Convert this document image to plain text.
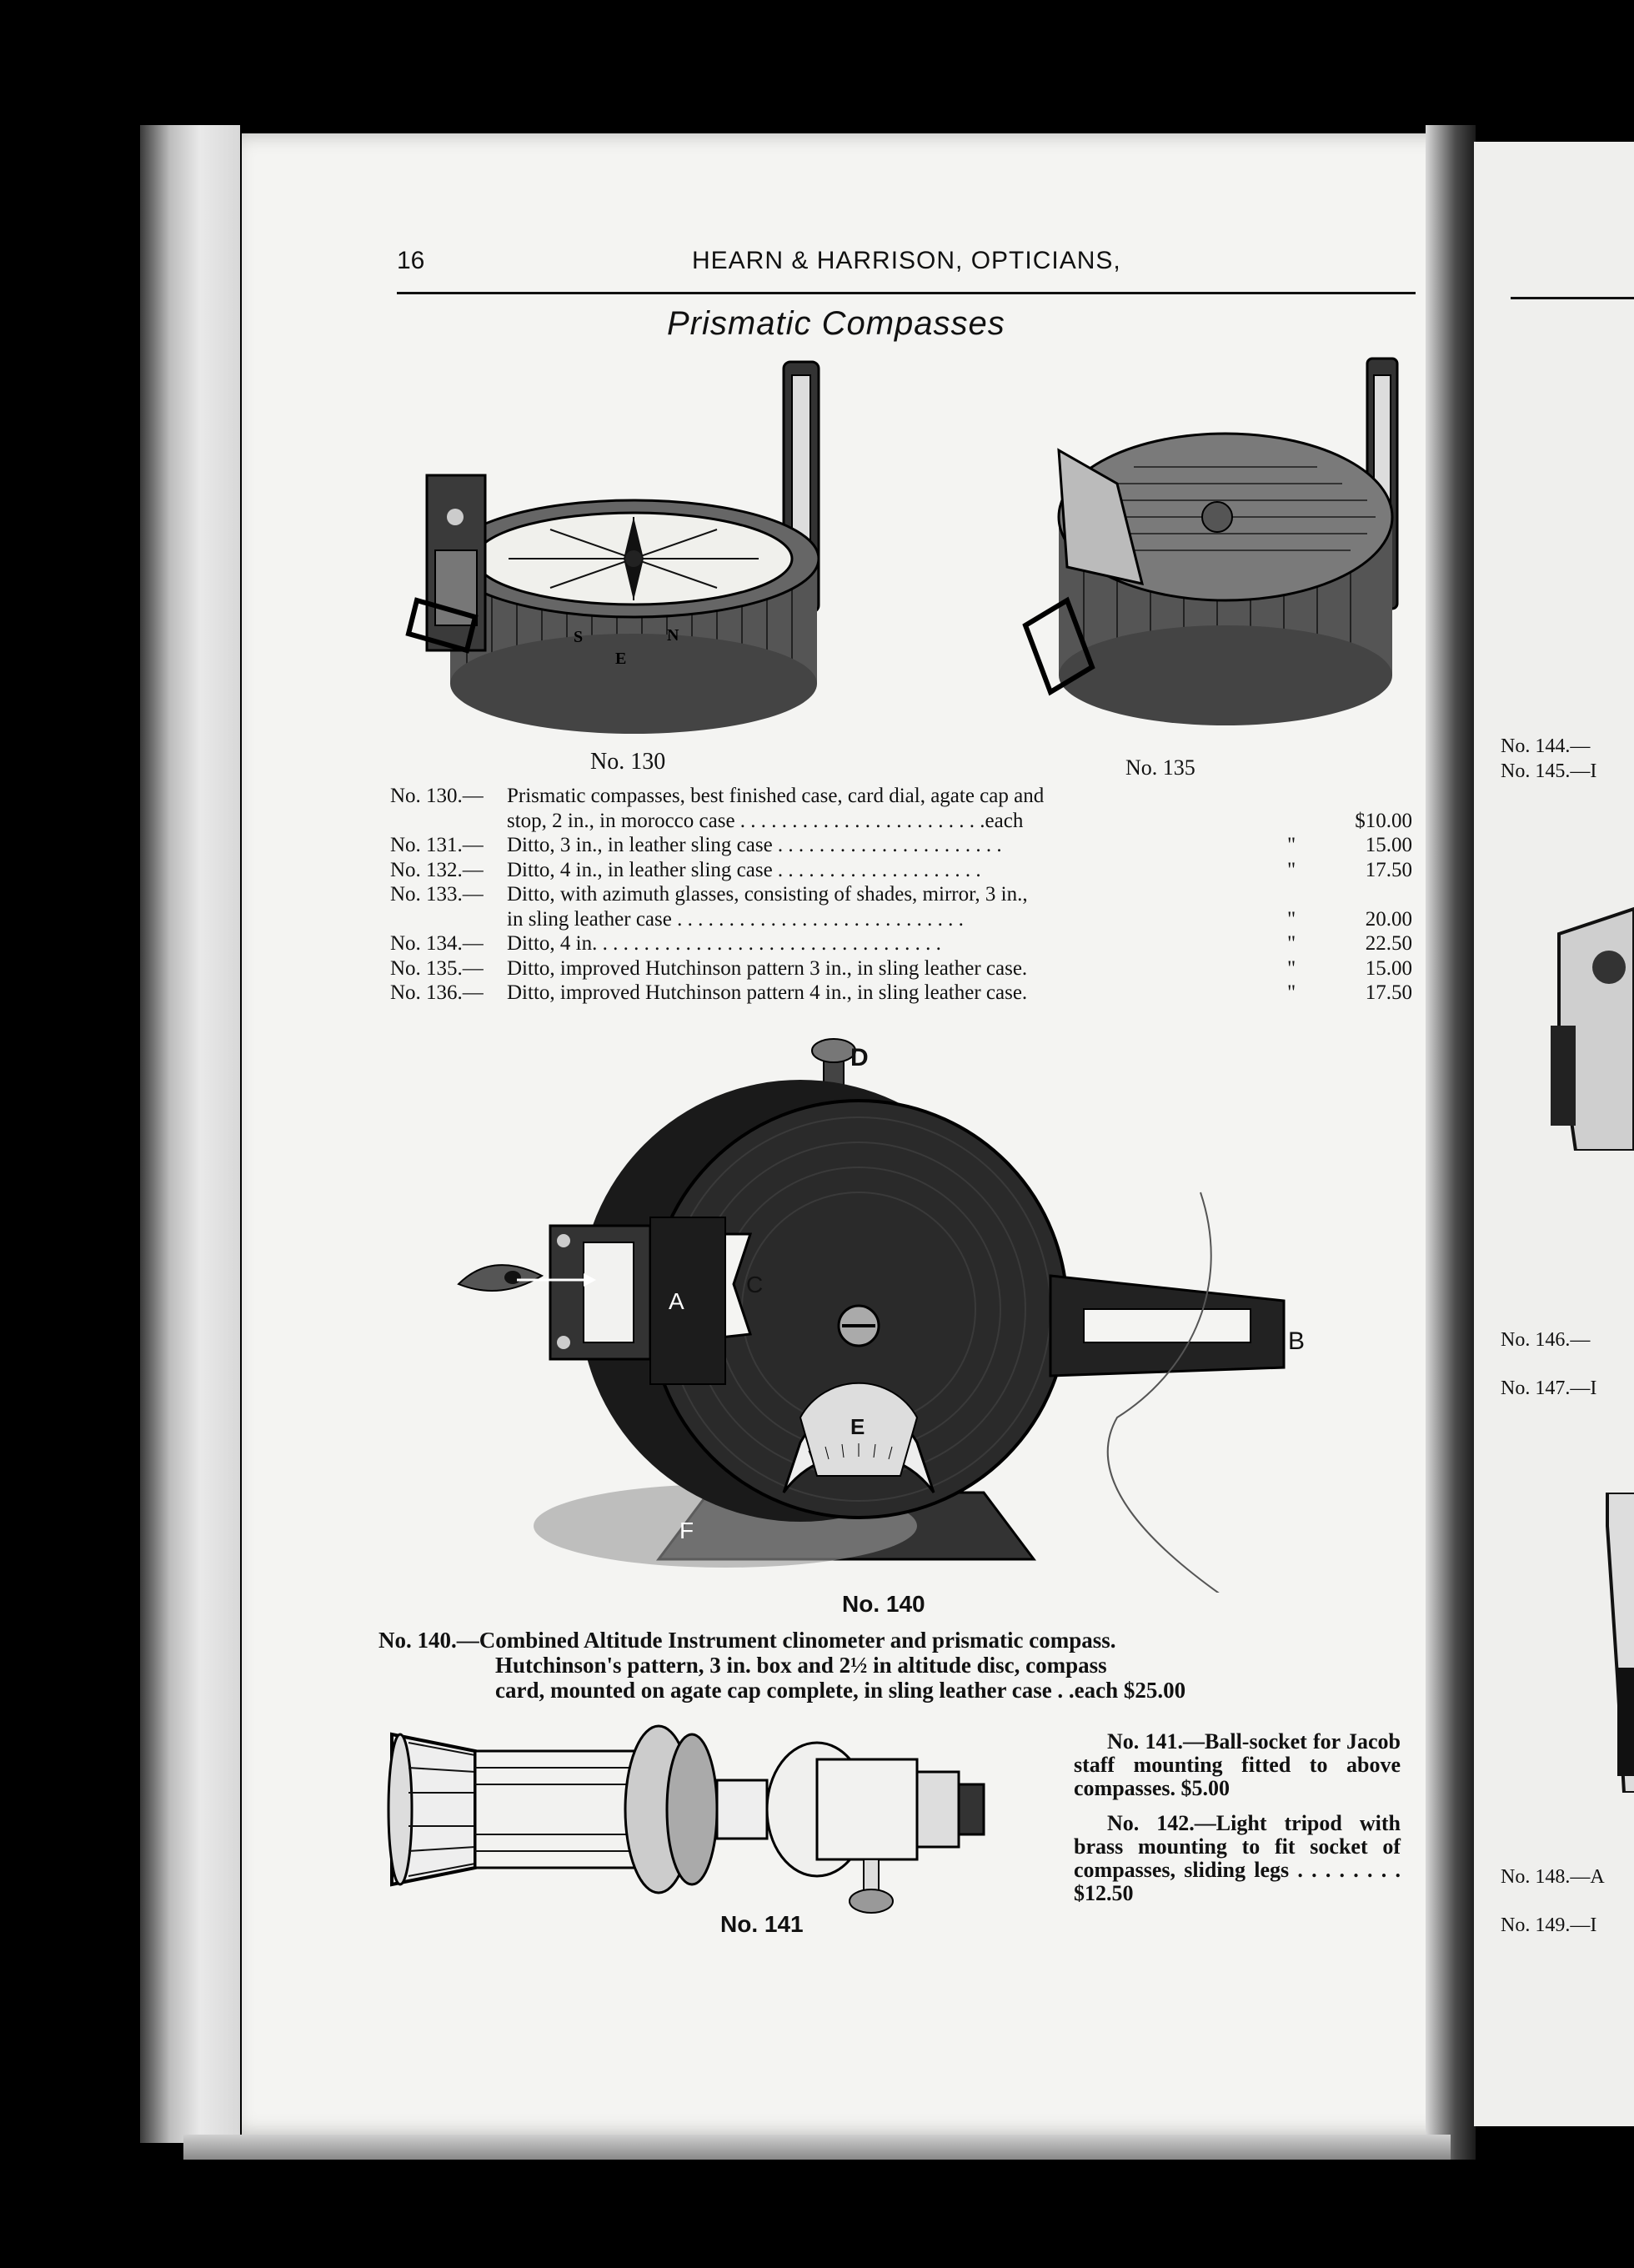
No. 144.—
No. 145.—I
No. 146.—
No. 147.—I
No. 148.—A
No. 149.—I
16	HEARN & HARRISON, OPTICIANS,
Prismatic Compasses
S
E
N
No. 130	No. 135
No. 130.—	Prismatic compasses, best finished case, card dial, agate cap and
stop, 2 in., in morocco case . . . . . . . . . . . . . . . . . . . . . . . .each	$10.00
No. 131.—	Ditto, 3 in., in leather sling case . . . . . . . . . . . . . . . . . . . . . .	"	15.00
No. 132.—	Ditto, 4 in., in leather sling case . . . . . . . . . . . . . . . . . . . .	"	17.50
No. 133.—	Ditto, with azimuth glasses, consisting of shades, mirror, 3 in.,
in sling leather case . . . . . . . . . . . . . . . . . . . . . . . . . . . .	"	20.00
No. 134.—	Ditto, 4 in. . . . . . . . . . . . . . . . . . . . . . . . . . . . . . . . . .	"	22.50
No. 135.—	Ditto, improved Hutchinson pattern 3 in., in sling leather case.	"	15.00
No. 136.—	Ditto, improved Hutchinson pattern 4 in., in sling leather case.	"	17.50
A
B
C
D
E
F
No. 140
No. 140.—Combined Altitude Instrument clinometer and prismatic compass.
Hutchinson's pattern, 3 in. box and 2½ in altitude disc, compass
card, mounted on agate cap complete, in sling leather case . .each $25.00
No. 141

No. 141.—Ball-socket for Jacob staff mounting fitted to above compasses. $5.00

No. 142.—Light tripod with brass mounting to fit socket of compasses, sliding legs . . . . . . . . $12.50
